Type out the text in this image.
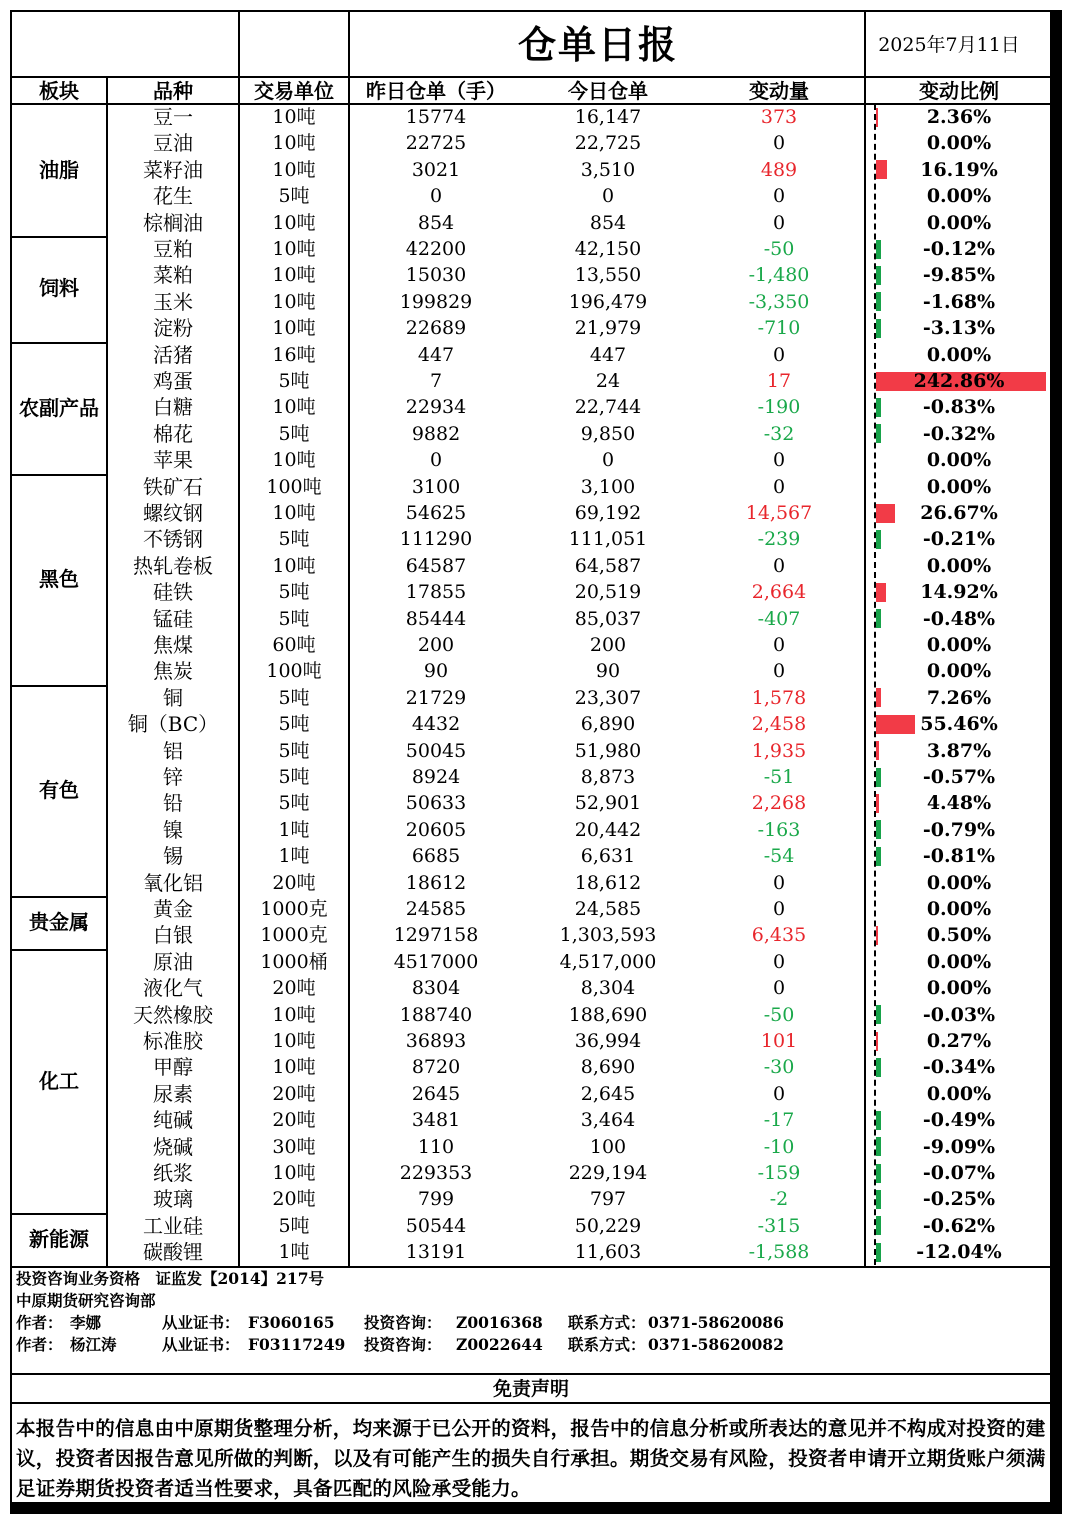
仓单日报	2025年7月11日
板块	品种	交易单位	昨日仓单（手）	今日仓单	变动量	变动比例
油脂
豆一	10吨	15774	16,147	373	2.36%
豆油	10吨	22725	22,725	0	0.00%
菜籽油	10吨	3021	3,510	489	16.19%
花生	5吨	0	0	0	0.00%
棕榈油	10吨	854	854	0	0.00%
饲料
豆粕	10吨	42200	42,150	-50	-0.12%
菜粕	10吨	15030	13,550	-1,480	-9.85%
玉米	10吨	199829	196,479	-3,350	-1.68%
淀粉	10吨	22689	21,979	-710	-3.13%
农副产品
活猪	16吨	447	447	0	0.00%
鸡蛋	5吨	7	24	17	242.86%
白糖	10吨	22934	22,744	-190	-0.83%
棉花	5吨	9882	9,850	-32	-0.32%
苹果	10吨	0	0	0	0.00%
黑色
铁矿石	100吨	3100	3,100	0	0.00%
螺纹钢	10吨	54625	69,192	14,567	26.67%
不锈钢	5吨	111290	111,051	-239	-0.21%
热轧卷板	10吨	64587	64,587	0	0.00%
硅铁	5吨	17855	20,519	2,664	14.92%
锰硅	5吨	85444	85,037	-407	-0.48%
焦煤	60吨	200	200	0	0.00%
焦炭	100吨	90	90	0	0.00%
有色
铜	5吨	21729	23,307	1,578	7.26%
铜（BC）	5吨	4432	6,890	2,458	55.46%
铝	5吨	50045	51,980	1,935	3.87%
锌	5吨	8924	8,873	-51	-0.57%
铅	5吨	50633	52,901	2,268	4.48%
镍	1吨	20605	20,442	-163	-0.79%
锡	1吨	6685	6,631	-54	-0.81%
氧化铝	20吨	18612	18,612	0	0.00%
贵金属
黄金	1000克	24585	24,585	0	0.00%
白银	1000克	1297158	1,303,593	6,435	0.50%
化工
原油	1000桶	4517000	4,517,000	0	0.00%
液化气	20吨	8304	8,304	0	0.00%
天然橡胶	10吨	188740	188,690	-50	-0.03%
标准胶	10吨	36893	36,994	101	0.27%
甲醇	10吨	8720	8,690	-30	-0.34%
尿素	20吨	2645	2,645	0	0.00%
纯碱	20吨	3481	3,464	-17	-0.49%
烧碱	30吨	110	100	-10	-9.09%
纸浆	10吨	229353	229,194	-159	-0.07%
玻璃	20吨	799	797	-2	-0.25%
新能源
工业硅	5吨	50544	50,229	-315	-0.62%
碳酸锂	1吨	13191	11,603	-1,588	-12.04%
投资咨询业务资格　证监发【2014】217号
中原期货研究咨询部
作者： 李娜	从业证书： F3060165 投资咨询： Z0016368 联系方式： 0371-58620086
作者： 杨江涛	从业证书： F03117249 投资咨询： Z0022644 联系方式： 0371-58620082
免责声明
本报告中的信息由中原期货整理分析，均来源于已公开的资料，报告中的信息分析或所表达的意见并不构成对投资的建议，投资者因报告意见所做的判断，以及有可能产生的损失自行承担。期货交易有风险，投资者申请开立期货账户须满足证券期货投资者适当性要求，具备匹配的风险承受能力。
